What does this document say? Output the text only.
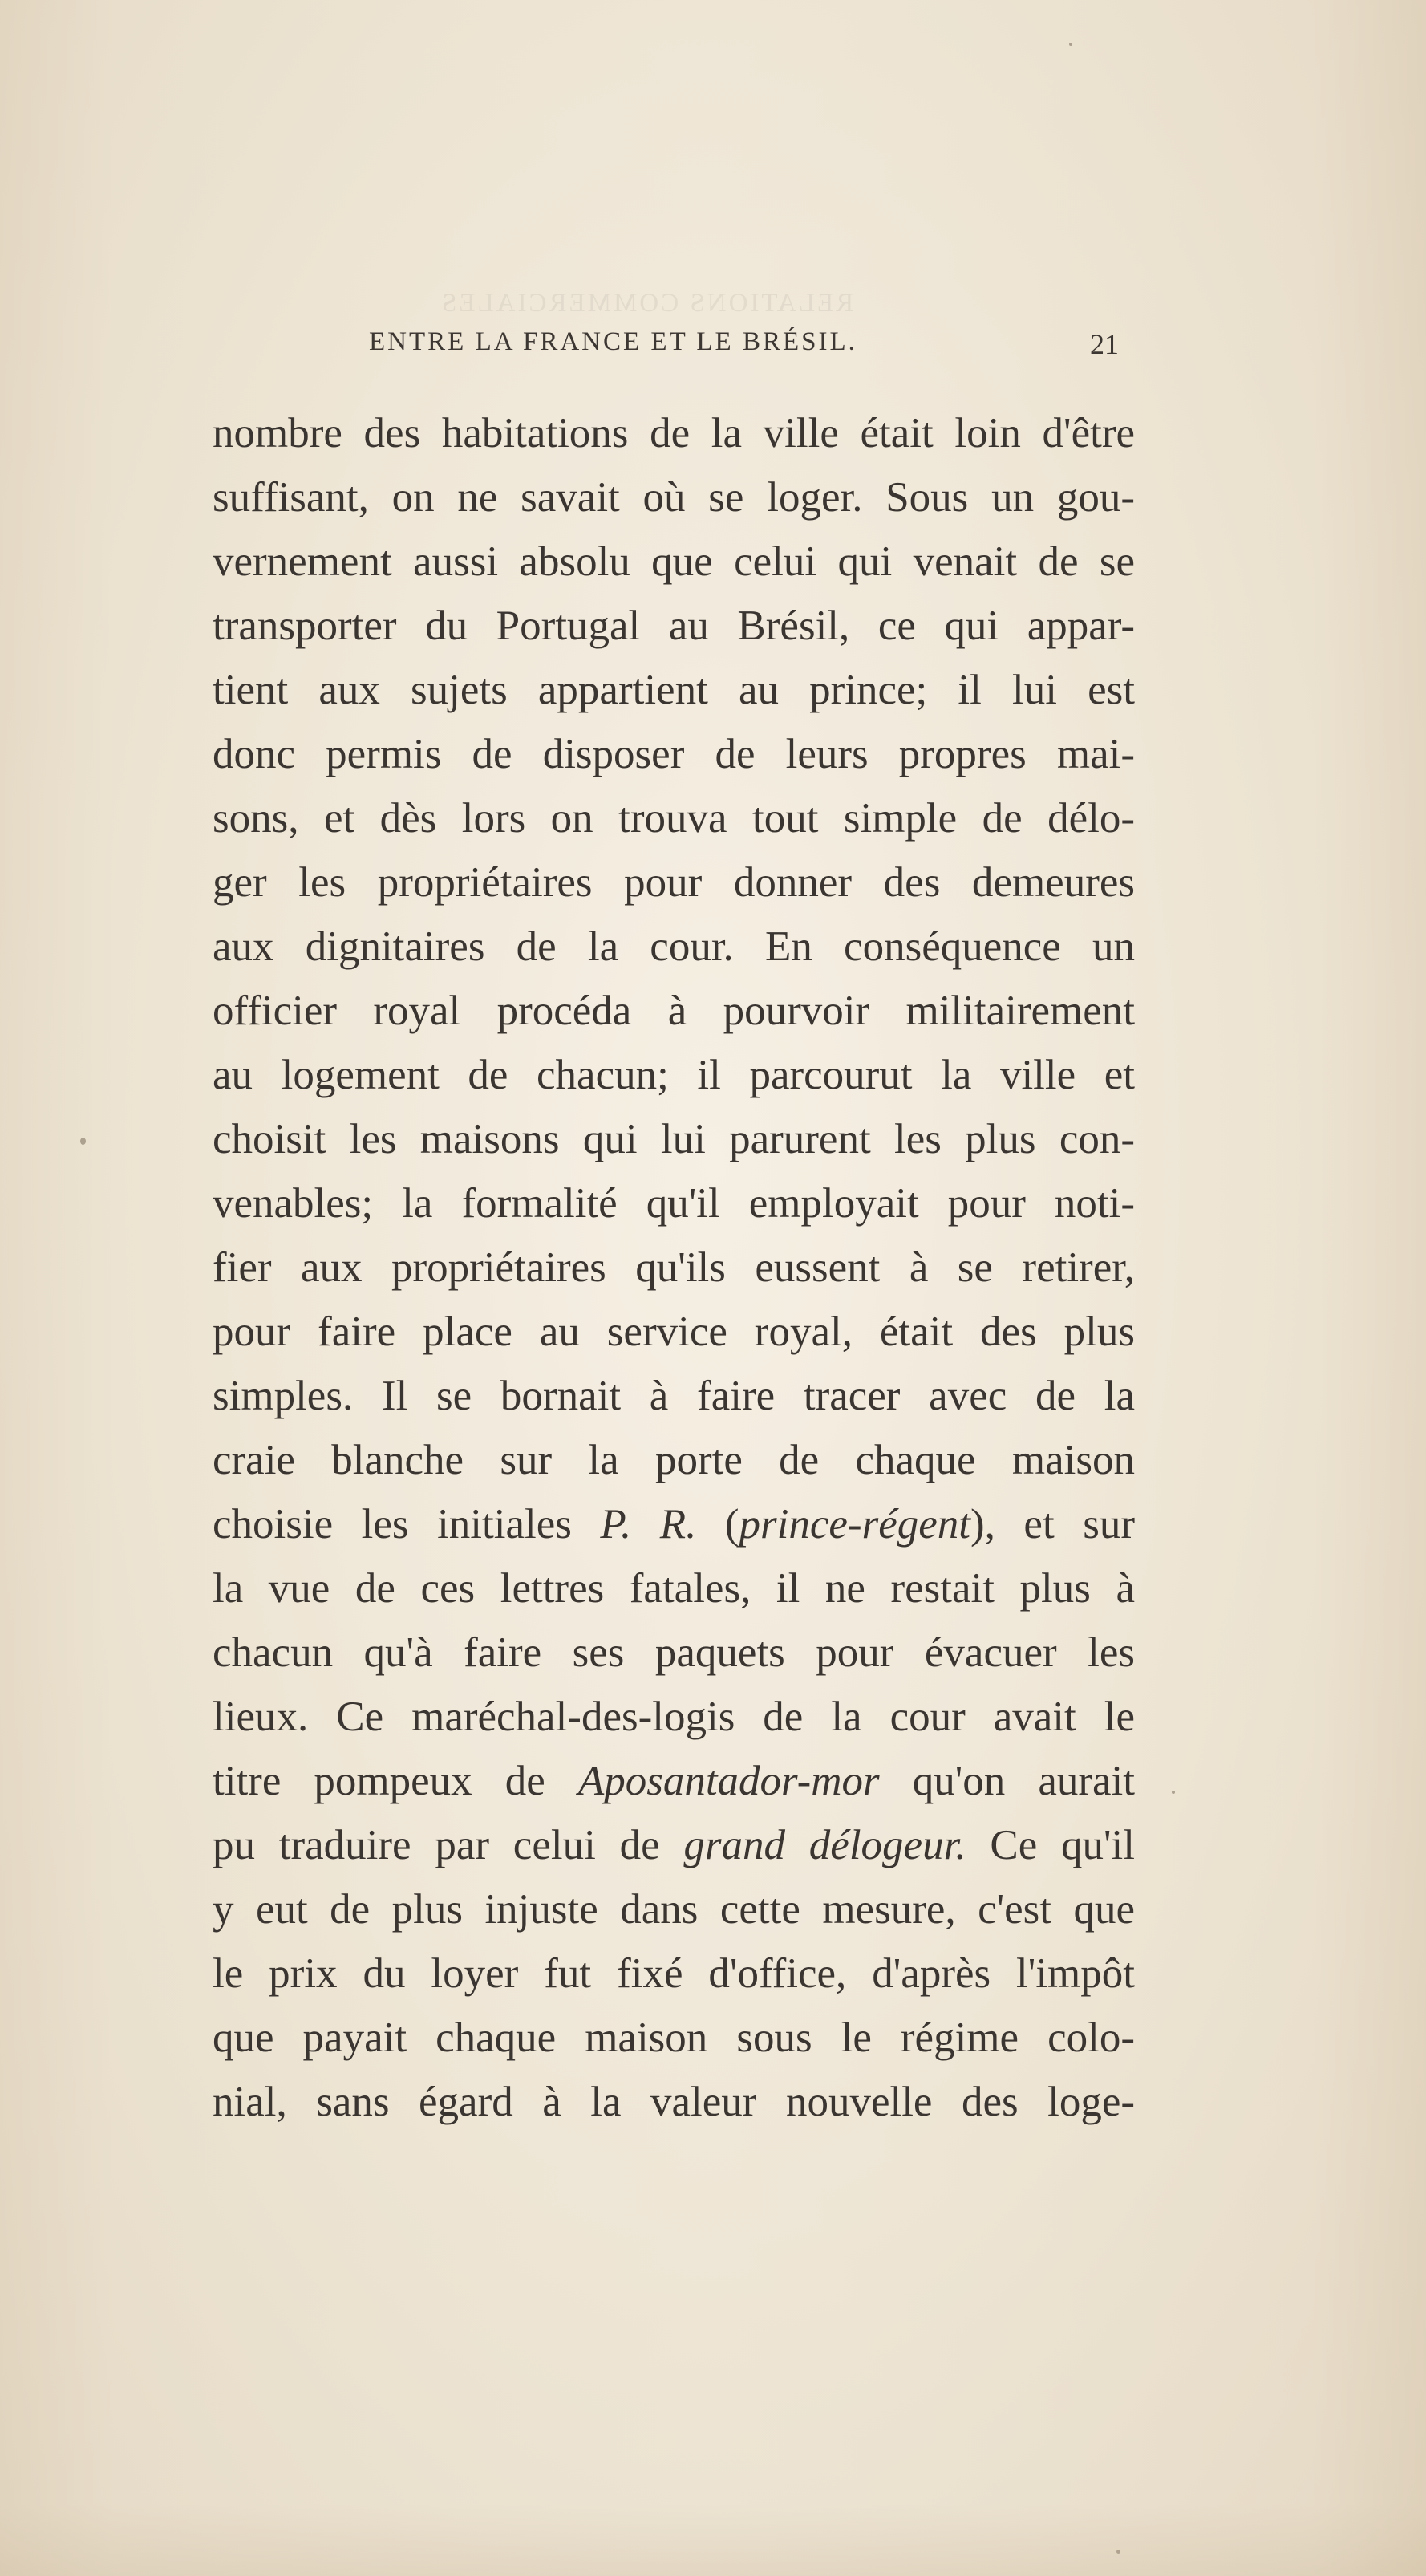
RELATIONS COMMERCIALES
ENTRE LA FRANCE ET LE BRÉSIL.	21
nombre des habitations de la ville était loin d'être
suffisant, on ne savait où se loger. Sous un gou-
vernement aussi absolu que celui qui venait de se
transporter du Portugal au Brésil, ce qui appar-
tient aux sujets appartient au prince; il lui est
donc permis de disposer de leurs propres mai-
sons, et dès lors on trouva tout simple de délo-
ger les propriétaires pour donner des demeures
aux dignitaires de la cour. En conséquence un
officier royal procéda à pourvoir militairement
au logement de chacun; il parcourut la ville et
choisit les maisons qui lui parurent les plus con-
venables; la formalité qu'il employait pour noti-
fier aux propriétaires qu'ils eussent à se retirer,
pour faire place au service royal, était des plus
simples. Il se bornait à faire tracer avec de la
craie blanche sur la porte de chaque maison
choisie les initiales P. R. (prince-régent), et sur
la vue de ces lettres fatales, il ne restait plus à
chacun qu'à faire ses paquets pour évacuer les
lieux. Ce maréchal-des-logis de la cour avait le
titre pompeux de Aposantador-mor qu'on aurait
pu traduire par celui de grand délogeur. Ce qu'il
y eut de plus injuste dans cette mesure, c'est que
le prix du loyer fut fixé d'office, d'après l'impôt
que payait chaque maison sous le régime colo-
nial, sans égard à la valeur nouvelle des loge-
